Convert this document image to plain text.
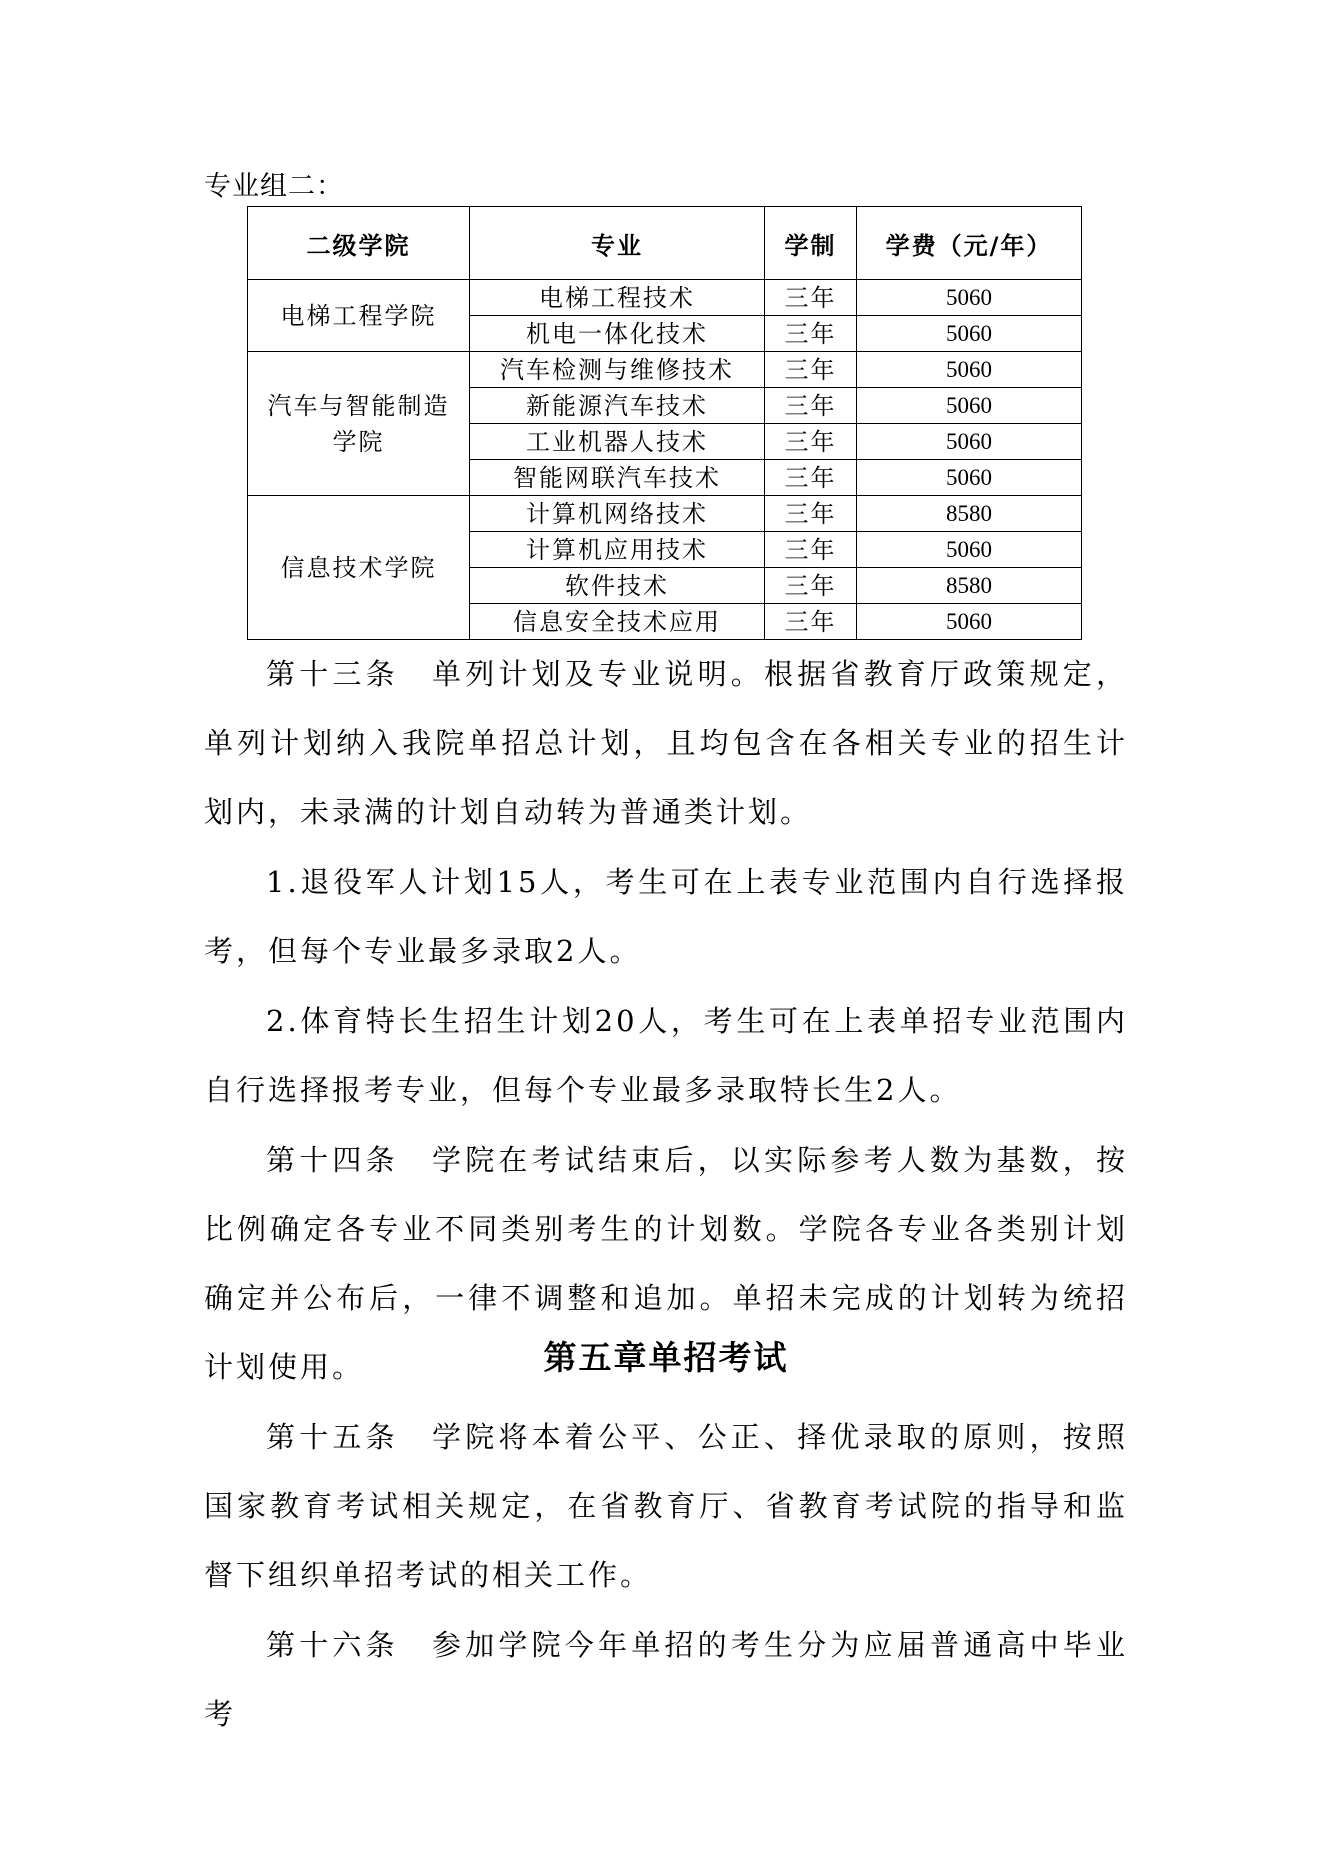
专业组二：
二级学院	专业	学制	学费（元/年）

电梯工程学院	电梯工程技术	三年	5060
	机电一体化技术	三年	5060

汽车与智能制造
学院	汽车检测与维修技术	三年	5060
	新能源汽车技术	三年	5060
	工业机器人技术	三年	5060
	智能网联汽车技术	三年	5060

信息技术学院	计算机网络技术	三年	8580
	计算机应用技术	三年	5060
	软件技术	三年	8580
	信息安全技术应用	三年	5060

第十三条　单列计划及专业说明。根据省教育厅政策规定，单列计划纳入我院单招总计划，且均包含在各相关专业的招生计划内，未录满的计划自动转为普通类计划。

1.退役军人计划15人，考生可在上表专业范围内自行选择报考，但每个专业最多录取2人。

2.体育特长生招生计划20人，考生可在上表单招专业范围内自行选择报考专业，但每个专业最多录取特长生2人。

第十四条　学院在考试结束后，以实际参考人数为基数，按比例确定各专业不同类别考生的计划数。学院各专业各类别计划确定并公布后，一律不调整和追加。单招未完成的计划转为统招计划使用。	第五章单招考试

第十五条　学院将本着公平、公正、择优录取的原则，按照国家教育考试相关规定，在省教育厅、省教育考试院的指导和监督下组织单招考试的相关工作。

第十六条　参加学院今年单招的考生分为应届普通高中毕业考
